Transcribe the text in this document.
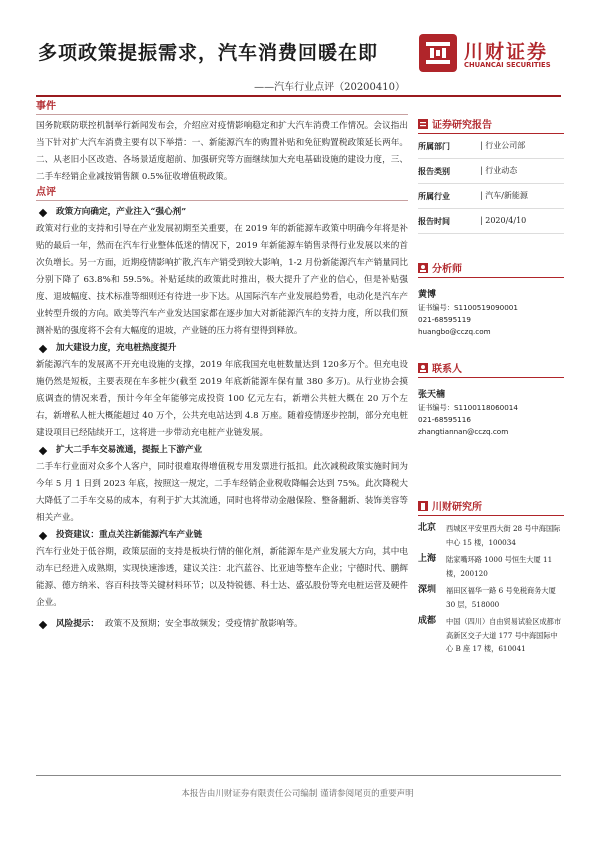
多项政策提振需求，汽车消费回暖在即
——汽车行业点评（20200410）
川财证券
CHUANCAI SECURITIES
事件

国务院联防联控机制举行新闻发布会，介绍应对疫情影响稳定和扩大汽车消费工作情况。会议指出当下针对扩大汽车消费主要有以下举措：一、新能源汽车的购置补贴和免征购置税政策延长两年。二、从老旧小区改造、各场景适度超前、加强研究等方面继续加大充电基础设施的建设力度，三、二手车经销企业减按销售额 0.5%征收增值税政策。

点评
政策方向确定，产业注入“强心剂”

政策对行业的支持和引导在产业发展初期至关重要，在 2019 年的新能源车政策中明确今年将是补贴的最后一年，然而在汽车行业整体低迷的情况下，2019 年新能源车销售录得行业发展以来的首次负增长。另一方面，近期疫情影响扩散,汽车产销受到较大影响，1-2 月份新能源汽车产销量同比分别下降了 63.8%和 59.5%。补贴延续的政策此时推出，极大提升了产业的信心，但是补贴强度、退坡幅度、技术标准等细则还有待进一步下达。从国际汽车产业发展趋势看，电动化是汽车产业转型升级的方向。欧美等汽车产业发达国家都在逐步加大对新能源汽车的支持力度，所以我们预测补贴的强度将不会有大幅度的退坡，产业链的压力将有望得到释放。

加大建设力度，充电桩热度提升

新能源汽车的发展离不开充电设施的支撑，2019 年底我国充电桩数量达到 120多万个。但充电设施仍然是短板，主要表现在车多桩少(截至 2019 年底新能源车保有量 380 多万)。从行业协会摸底调查的情况来看，预计今年全年能够完成投资 100 亿元左右，新增公共桩大概在 20 万个左右，新增私人桩大概能超过 40 万个，公共充电站达到 4.8 万座。随着疫情逐步控制，部分充电桩建设项目已经陆续开工，这将进一步带动充电桩产业链发展。

扩大二手车交易流通，提振上下游产业

二手车行业面对众多个人客户，同时很难取得增值税专用发票进行抵扣。此次减税政策实施时间为今年 5 月 1 日到 2023 年底，按照这一规定，二手车经销企业税收降幅会达到 75%。此次降税大大降低了二手车交易的成本，有利于扩大其流通，同时也将带动金融保险、整备翻新、装饰美容等相关产业。

投资建议：重点关注新能源汽车产业链

汽车行业处于低谷期，政策层面的支持是板块行情的催化剂，新能源车是产业发展大方向，其中电动车已经进入成熟期，实现快速渗透，建议关注：北汽蓝谷、比亚迪等整车企业；宁德时代、鹏辉能源、德方纳米、容百科技等关键材料环节；以及特锐德、科士达、盛弘股份等充电桩运营及硬件企业。

风险提示： 政策不及预期；安全事故频发；受疫情扩散影响等。
证券研究报告
所属部门	| 行业公司部
报告类别	| 行业动态
所属行业	| 汽车/新能源
报告时间	| 2020/4/10
分析师
黄博
证书编号：S1100519090001
021-68595119
huangbo@cczq.com
联系人
张天楠
证书编号：S1100118060014
021-68595116
zhangtiannan@cczq.com
川财研究所
北京	西城区平安里西大街 28 号中海国际中心 15 楼，100034
上海	陆家嘴环路 1000 号恒生大厦 11 楼，200120
深圳	福田区福华一路 6 号免税商务大厦 30 层，518000
成都	中国（四川）自由贸易试验区成都市高新区交子大道 177 号中海国际中心 B 座 17 楼，610041
本报告由川财证券有限责任公司编制 谨请参阅尾页的重要声明
